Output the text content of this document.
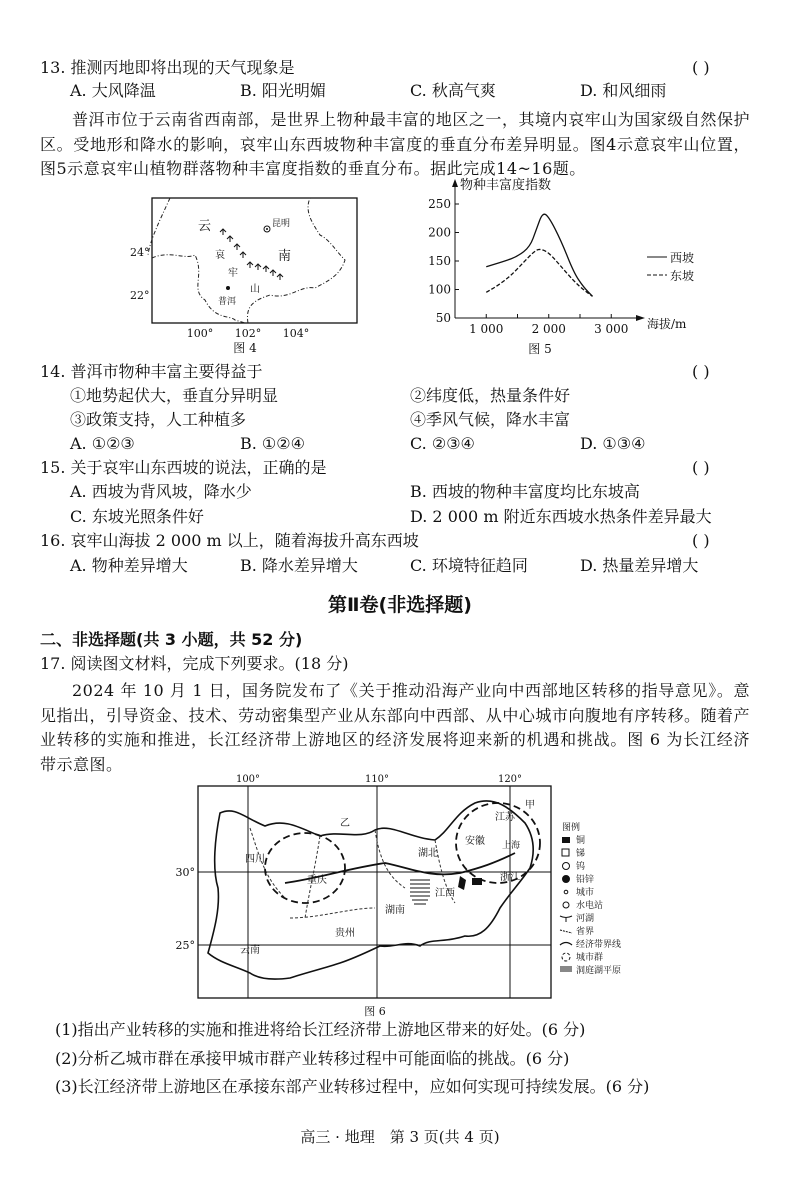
13. 推测丙地即将出现的天气现象是	( )
A. 大风降温	B. 阳光明媚	C. 秋高气爽	D. 和风细雨
普洱市位于云南省西南部，是世界上物种最丰富的地区之一，其境内哀牢山为国家级自然保护区。受地形和降水的影响，哀牢山东西坡物种丰富度的垂直分布差异明显。图4示意哀牢山位置，图5示意哀牢山植物群落物种丰富度指数的垂直分布。据此完成14~16题。
云	昆明
南
哀
牢
山
普洱
24°
22°
100° 102° 104°
图 4
物种丰富度指数
海拔/m
图 5
50
100
150
200
250
1 000 2 000 3 000
西坡
东坡
14. 普洱市物种丰富主要得益于	( )
①地势起伏大，垂直分异明显	②纬度低，热量条件好
③政策支持，人工种植多	④季风气候，降水丰富
A. ①②③	B. ①②④	C. ②③④	D. ①③④
15. 关于哀牢山东西坡的说法，正确的是	( )
A. 西坡为背风坡，降水少	B. 西坡的物种丰富度均比东坡高
C. 东坡光照条件好	D. 2 000 m 附近东西坡水热条件差异最大
16. 哀牢山海拔 2 000 m 以上，随着海拔升高东西坡	( )
A. 物种差异增大	B. 降水差异增大	C. 环境特征趋同	D. 热量差异增大
第Ⅱ卷(非选择题)
二、非选择题(共 3 小题，共 52 分)
17. 阅读图文材料，完成下列要求。(18 分)
2024 年 10 月 1 日，国务院发布了《关于推动沿海产业向中西部地区转移的指导意见》。意见指出，引导资金、技术、劳动密集型产业从东部向中西部、从中心城市向腹地有序转移。随着产业转移的实施和推进，长江经济带上游地区的经济发展将迎来新的机遇和挑战。图 6 为长江经济带示意图。
四川
重庆
乙
湖北
安徽
江苏
甲
上海
浙江
江西
湖南
贵州
云南
100°	110°	120°
30°
25°
图例
铜
锑
钨
铅锌
城市
水电站
河湖
省界
经济带界线
城市群
洞庭湖平原
图 6
(1)指出产业转移的实施和推进将给长江经济带上游地区带来的好处。(6 分)
(2)分析乙城市群在承接甲城市群产业转移过程中可能面临的挑战。(6 分)
(3)长江经济带上游地区在承接东部产业转移过程中，应如何实现可持续发展。(6 分)
高三 · 地理　第 3 页(共 4 页)
